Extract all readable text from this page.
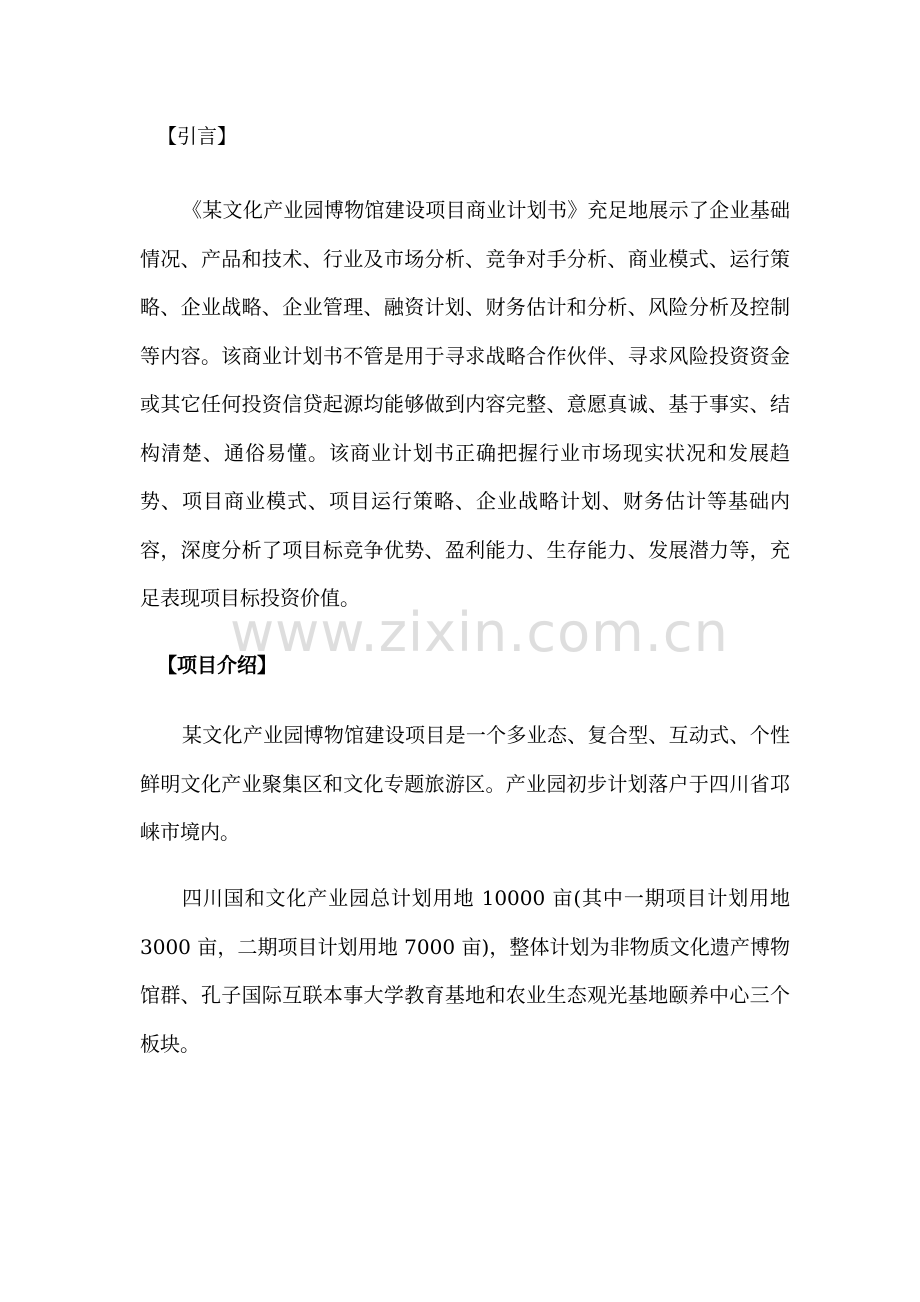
【引言】
《某文化产业园博物馆建设项目商业计划书》充足地展示了企业基础情况、产品和技术、行业及市场分析、竞争对手分析、商业模式、运行策略、企业战略、企业管理、融资计划、财务估计和分析、风险分析及控制等内容。该商业计划书不管是用于寻求战略合作伙伴、寻求风险投资资金或其它任何投资信贷起源均能够做到内容完整、意愿真诚、基于事实、结构清楚、通俗易懂。该商业计划书正确把握行业市场现实状况和发展趋势、项目商业模式、项目运行策略、企业战略计划、财务估计等基础内容，深度分析了项目标竞争优势、盈利能力、生存能力、发展潜力等，充足表现项目标投资价值。
www.zixin.com.cn
【项目介绍】
某文化产业园博物馆建设项目是一个多业态、复合型、互动式、个性鲜明文化产业聚集区和文化专题旅游区。产业园初步计划落户于四川省邛崃市境内。
四川国和文化产业园总计划用地 10000 亩(其中一期项目计划用地 3000 亩，二期项目计划用地 7000 亩)，整体计划为非物质文化遗产博物馆群、孔子国际互联本事大学教育基地和农业生态观光基地颐养中心三个板块。
